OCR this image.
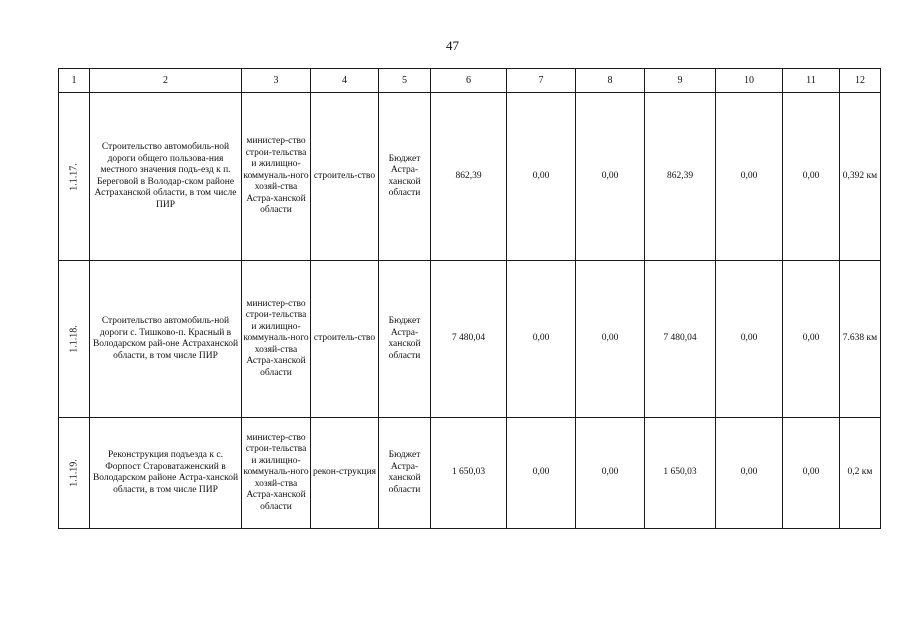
47
1	2	3	4	5	6	7	8	9	10	11	12

1.1.17.	Строительство автомобиль-ной дороги общего пользова-ния местного значения подъ-езд к п. Береговой в Володар-ском районе Астраханской области, в том числе ПИР	министер-ство строи-тельства и жилищно-коммуналь-ного хозяй-ства Астра-ханской области	строитель-ство	Бюджет Астра-ханской области	862,39	0,00	0,00	862,39	0,00	0,00	0,392 км

1.1.18.	Строительство автомобиль-ной дороги с. Тишково-п. Красный в Володарском рай-оне Астраханской области, в том числе ПИР	министер-ство строи-тельства и жилищно-коммуналь-ного хозяй-ства Астра-ханской области	строитель-ство	Бюджет Астра-ханской области	7 480,04	0,00	0,00	7 480,04	0,00	0,00	7.638 км

1.1.19.	Реконструкция подъезда к с. Форпост Староватаженский в Володарском районе Астра-ханской области, в том числе ПИР	министер-ство строи-тельства и жилищно-коммуналь-ного хозяй-ства Астра-ханской области	рекон-струкция	Бюджет Астра-ханской области	1 650,03	0,00	0,00	1 650,03	0,00	0,00	0,2 км
